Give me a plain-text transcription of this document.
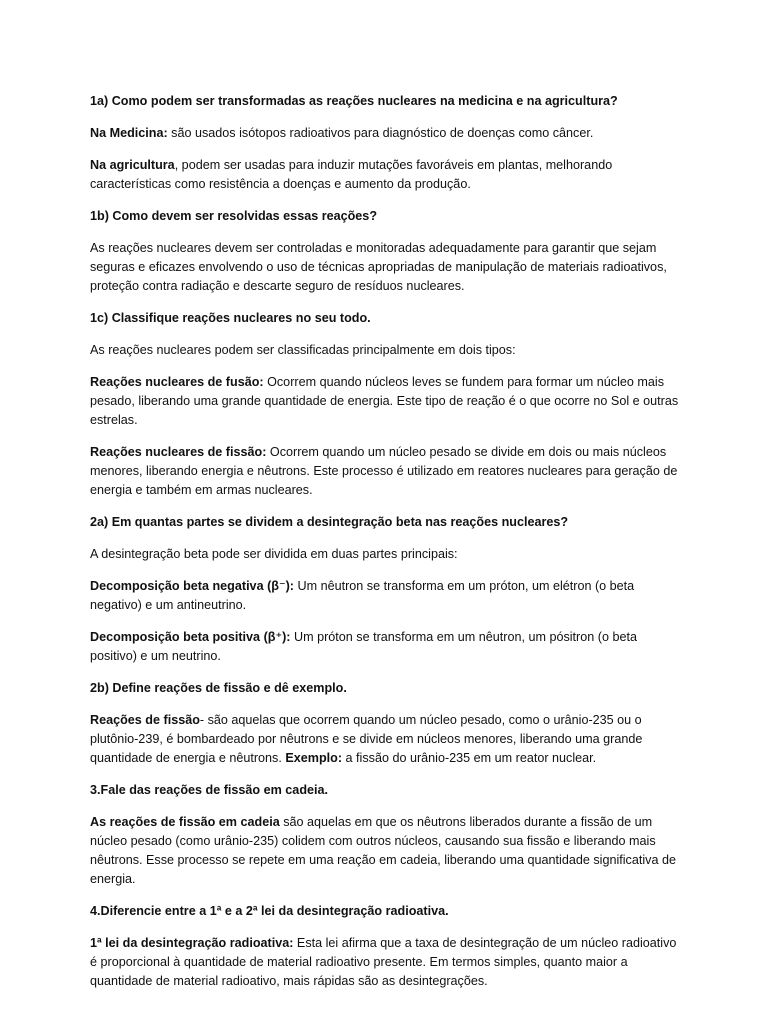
1a) Como podem ser transformadas as reações nucleares na medicina e na agricultura?

Na Medicina: são usados isótopos radioativos para diagnóstico de doenças como câncer.

Na agricultura, podem ser usadas para induzir mutações favoráveis em plantas, melhorando características como resistência a doenças e aumento da produção.

1b) Como devem ser resolvidas essas reações?

As reações nucleares devem ser controladas e monitoradas adequadamente para garantir que sejam seguras e eficazes envolvendo o uso de técnicas apropriadas de manipulação de materiais radioativos, proteção contra radiação e descarte seguro de resíduos nucleares.

1c) Classifique reações nucleares no seu todo.

As reações nucleares podem ser classificadas principalmente em dois tipos:

Reações nucleares de fusão: Ocorrem quando núcleos leves se fundem para formar um núcleo mais pesado, liberando uma grande quantidade de energia. Este tipo de reação é o que ocorre no Sol e outras estrelas.

Reações nucleares de fissão: Ocorrem quando um núcleo pesado se divide em dois ou mais núcleos menores, liberando energia e nêutrons. Este processo é utilizado em reatores nucleares para geração de energia e também em armas nucleares.

2a) Em quantas partes se dividem a desintegração beta nas reações nucleares?

A desintegração beta pode ser dividida em duas partes principais:

Decomposição beta negativa (β⁻): Um nêutron se transforma em um próton, um elétron (o beta negativo) e um antineutrino.

Decomposição beta positiva (β⁺): Um próton se transforma em um nêutron, um pósitron (o beta positivo) e um neutrino.

2b) Define reações de fissão e dê exemplo.

Reações de fissão- são aquelas que ocorrem quando um núcleo pesado, como o urânio-235 ou o plutônio-239, é bombardeado por nêutrons e se divide em núcleos menores, liberando uma grande quantidade de energia e nêutrons. Exemplo: a fissão do urânio-235 em um reator nuclear.

3.Fale das reações de fissão em cadeia.

As reações de fissão em cadeia são aquelas em que os nêutrons liberados durante a fissão de um núcleo pesado (como urânio-235) colidem com outros núcleos, causando sua fissão e liberando mais nêutrons. Esse processo se repete em uma reação em cadeia, liberando uma quantidade significativa de energia.

4.Diferencie entre a 1ª e a 2ª lei da desintegração radioativa.

1ª lei da desintegração radioativa: Esta lei afirma que a taxa de desintegração de um núcleo radioativo é proporcional à quantidade de material radioativo presente. Em termos simples, quanto maior a quantidade de material radioativo, mais rápidas são as desintegrações.
